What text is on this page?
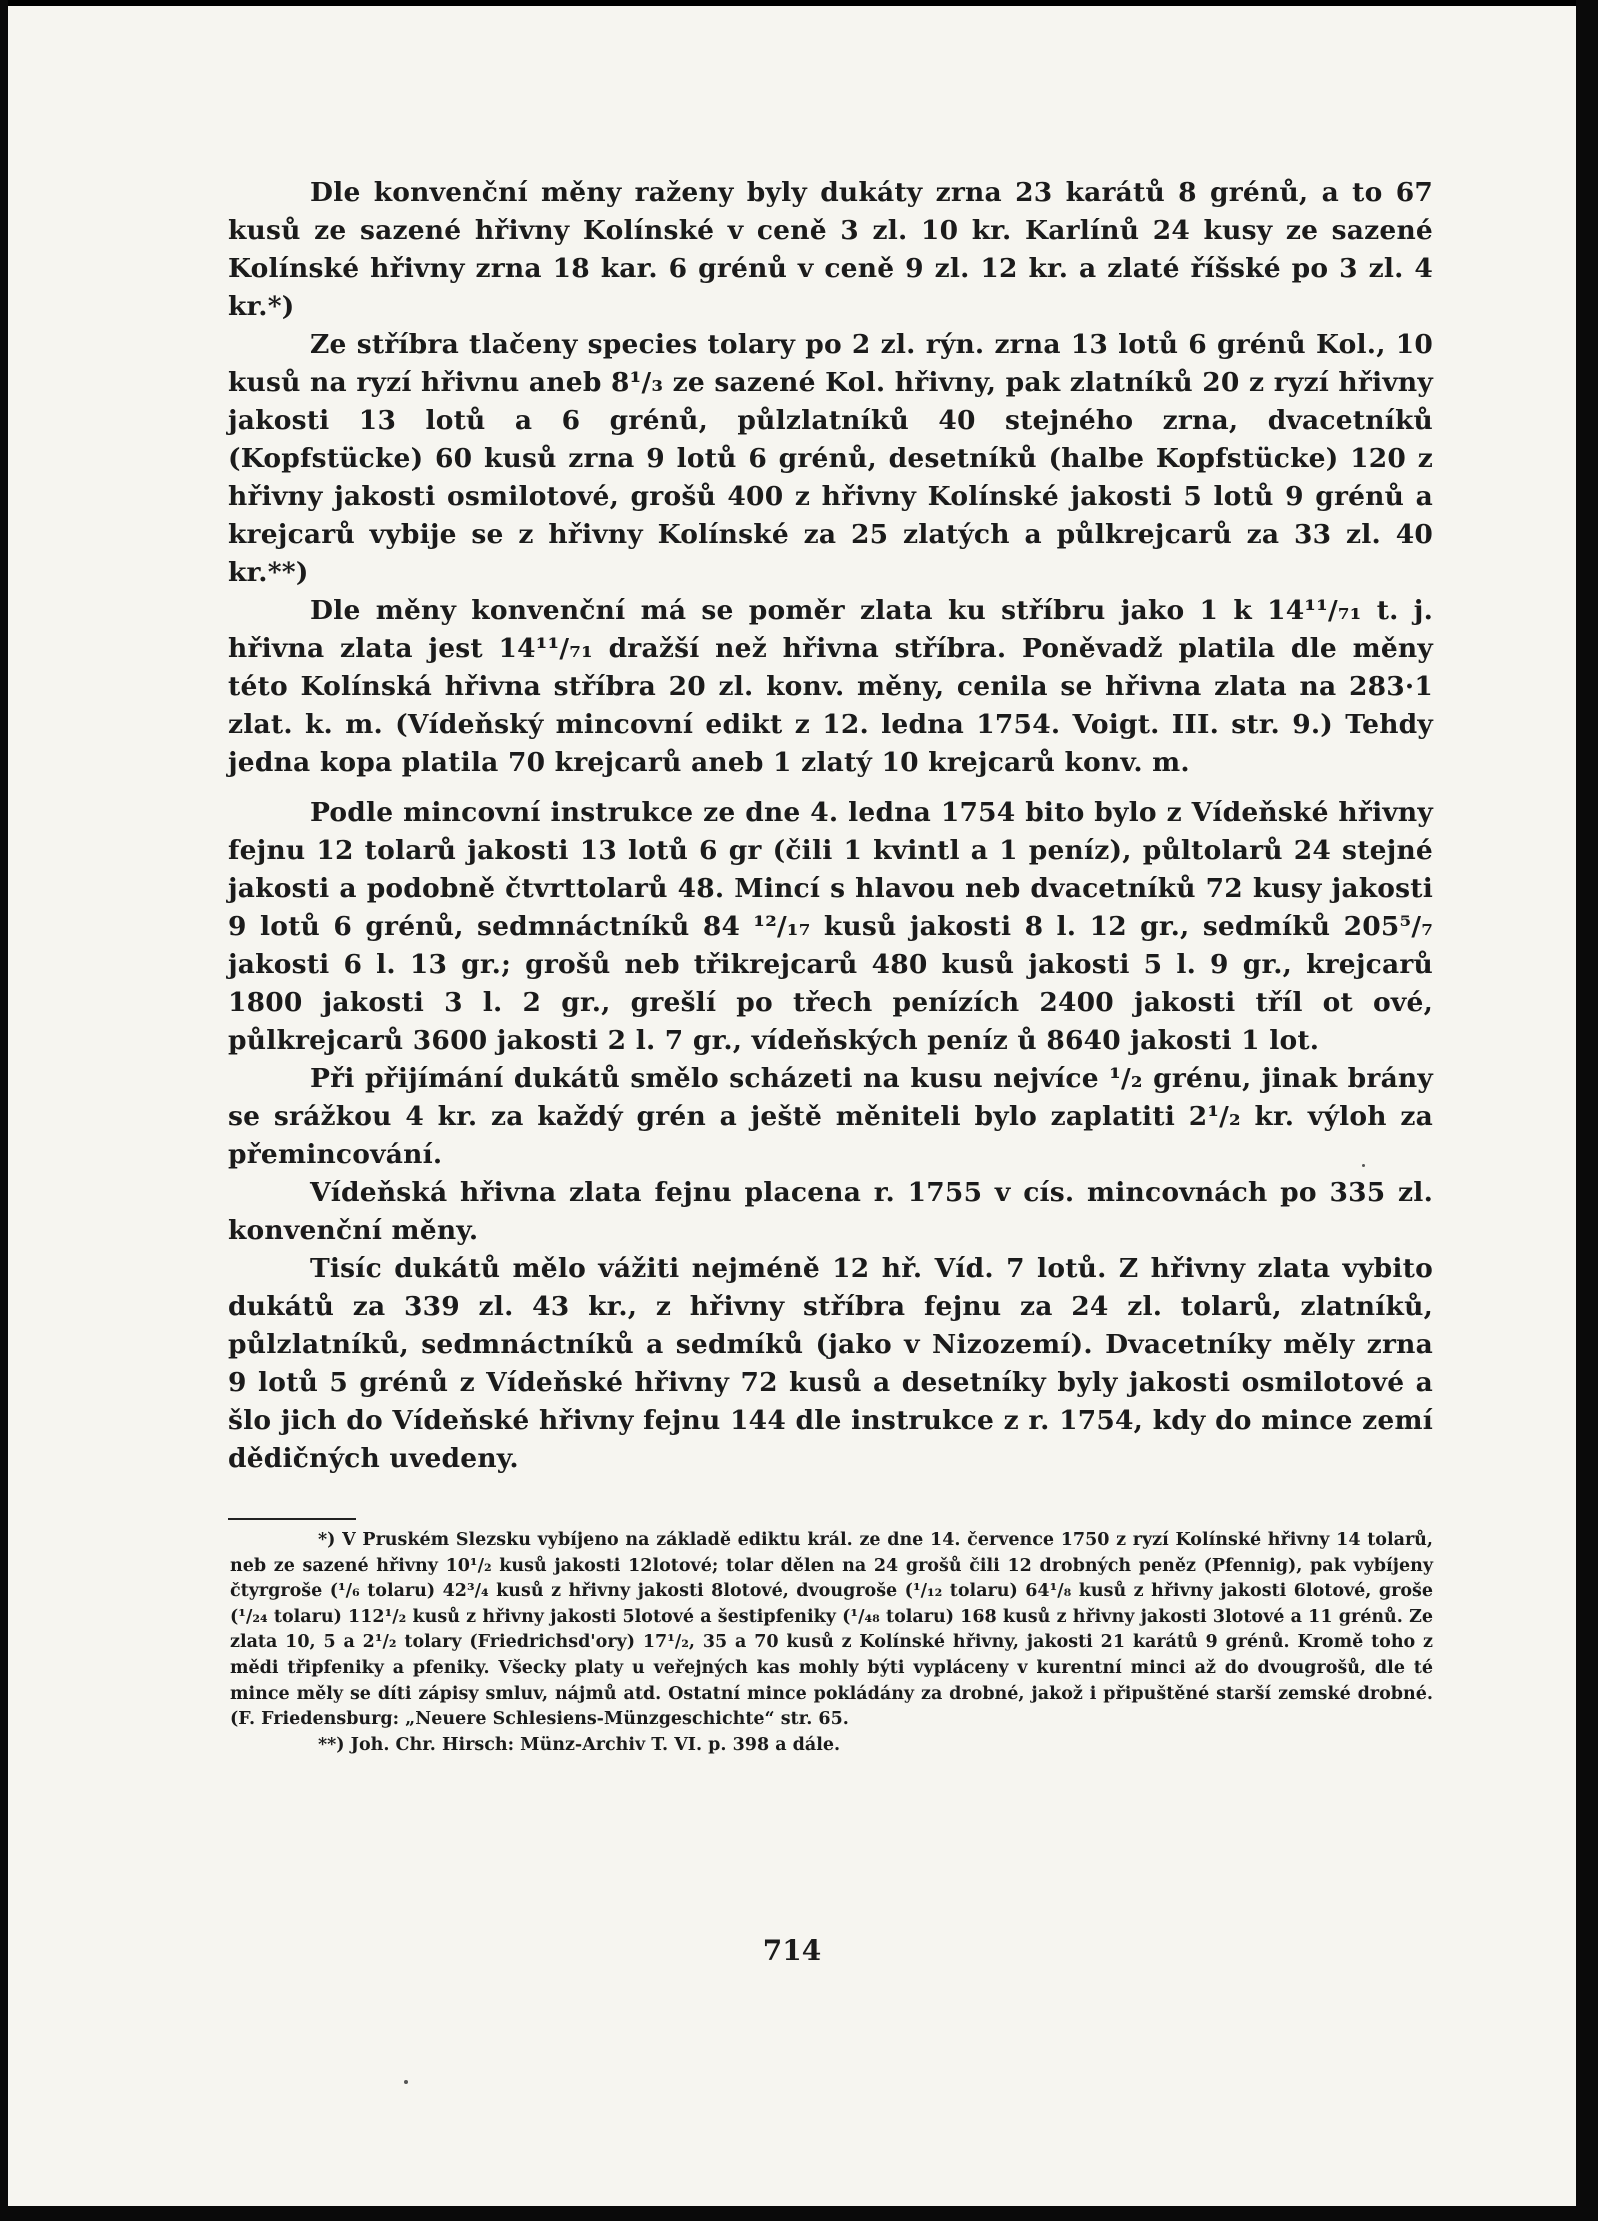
Dle konvenční měny raženy byly dukáty zrna 23 karátů 8 grénů, a to 67 kusů ze sazené hřivny Kolínské v ceně 3 zl. 10 kr. Karlínů 24 kusy ze sazené Kolínské hřivny zrna 18 kar. 6 grénů v ceně 9 zl. 12 kr. a zlaté říšské po 3 zl. 4 kr.*)

Ze stříbra tlačeny species tolary po 2 zl. rýn. zrna 13 lotů 6 grénů Kol., 10 kusů na ryzí hřivnu aneb 8¹/₃ ze sazené Kol. hřivny, pak zlatníků 20 z ryzí hřivny jakosti 13 lotů a 6 grénů, půlzlatníků 40 stejného zrna, dvacetníků (Kopfstücke) 60 kusů zrna 9 lotů 6 grénů, desetníků (halbe Kopfstücke) 120 z hřivny jakosti osmilotové, grošů 400 z hřivny Kolínské jakosti 5 lotů 9 grénů a krejcarů vybije se z hřivny Kolínské za 25 zlatých a půlkrejcarů za 33 zl. 40 kr.**)

Dle měny konvenční má se poměr zlata ku stříbru jako 1 k 14¹¹/₇₁ t. j. hřivna zlata jest 14¹¹/₇₁ dražší než hřivna stříbra. Poněvadž platila dle měny této Kolínská hřivna stříbra 20 zl. konv. měny, cenila se hřivna zlata na 283·1 zlat. k. m. (Vídeňský mincovní edikt z 12. ledna 1754. Voigt. III. str. 9.) Tehdy jedna kopa platila 70 krejcarů aneb 1 zlatý 10 krejcarů konv. m.

Podle mincovní instrukce ze dne 4. ledna 1754 bito bylo z Vídeňské hřivny fejnu 12 tolarů jakosti 13 lotů 6 gr (čili 1 kvintl a 1 peníz), půltolarů 24 stejné jakosti a podobně čtvrttolarů 48. Mincí s hlavou neb dvacetníků 72 kusy jakosti 9 lotů 6 grénů, sedmnáctníků 84 ¹²/₁₇ kusů jakosti 8 l. 12 gr., sedmíků 205⁵/₇ jakosti 6 l. 13 gr.; grošů neb třikrejcarů 480 kusů jakosti 5 l. 9 gr., krejcarů 1800 jakosti 3 l. 2 gr., grešlí po třech penízích 2400 jakosti tříl ot ové, půlkrejcarů 3600 jakosti 2 l. 7 gr., vídeňských peníz ů 8640 jakosti 1 lot.

Při přijímání dukátů smělo scházeti na kusu nejvíce ¹/₂ grénu, jinak brány se srážkou 4 kr. za každý grén a ještě měniteli bylo zaplatiti 2¹/₂ kr. výloh za přemincování.

Vídeňská hřivna zlata fejnu placena r. 1755 v cís. mincovnách po 335 zl. konvenční měny.

Tisíc dukátů mělo vážiti nejméně 12 hř. Víd. 7 lotů. Z hřivny zlata vybito dukátů za 339 zl. 43 kr., z hřivny stříbra fejnu za 24 zl. tolarů, zlatníků, půlzlatníků, sedmnáctníků a sedmíků (jako v Nizozemí). Dvacetníky měly zrna 9 lotů 5 grénů z Vídeňské hřivny 72 kusů a desetníky byly jakosti osmilotové a šlo jich do Vídeňské hřivny fejnu 144 dle instrukce z r. 1754, kdy do mince zemí dědičných uvedeny.

*) V Pruském Slezsku vybíjeno na základě ediktu král. ze dne 14. července 1750 z ryzí Kolínské hřivny 14 tolarů, neb ze sazené hřivny 10¹/₂ kusů jakosti 12lotové; tolar dělen na 24 grošů čili 12 drobných peněz (Pfennig), pak vybíjeny čtyrgroše (¹/₆ tolaru) 42³/₄ kusů z hřivny jakosti 8lotové, dvougroše (¹/₁₂ tolaru) 64¹/₈ kusů z hřivny jakosti 6lotové, groše (¹/₂₄ tolaru) 112¹/₂ kusů z hřivny jakosti 5lotové a šestipfeniky (¹/₄₈ tolaru) 168 kusů z hřivny jakosti 3lotové a 11 grénů. Ze zlata 10, 5 a 2¹/₂ tolary (Friedrichsd'ory) 17¹/₂, 35 a 70 kusů z Kolínské hřivny, jakosti 21 karátů 9 grénů. Kromě toho z mědi třipfeniky a pfeniky. Všecky platy u veřejných kas mohly býti vypláceny v kurentní minci až do dvougrošů, dle té mince měly se díti zápisy smluv, nájmů atd. Ostatní mince pokládány za drobné, jakož i připuštěné starší zemské drobné. (F. Friedensburg: „Neuere Schlesiens-Münzgeschichte“ str. 65.

**) Joh. Chr. Hirsch: Münz-Archiv T. VI. p. 398 a dále.

714
